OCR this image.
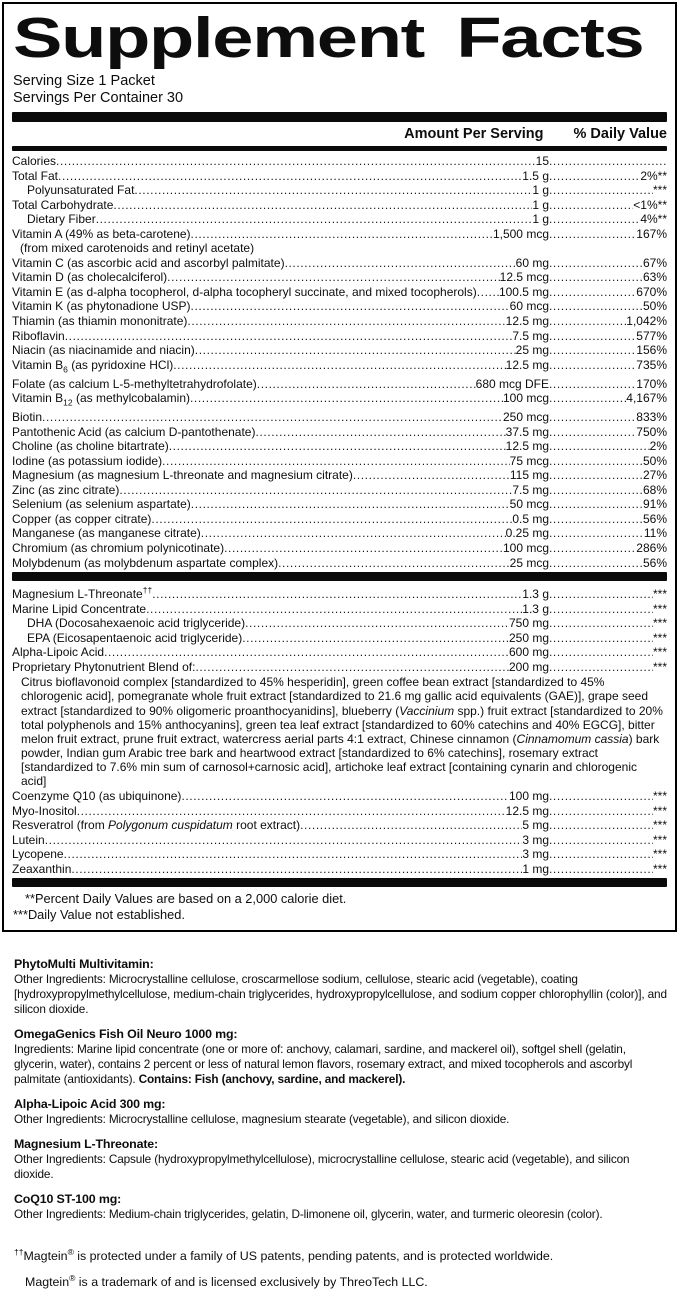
Supplement Facts
Serving Size 1 Packet
Servings Per Container 30
Amount Per Serving % Daily Value
Calories .....	15
.....
Total Fat .....	1.5 g .....	2%**
Polyunsaturated Fat .....	1 g .....	***
Total Carbohydrate .....	1 g .....	<1%**
Dietary Fiber .....	1 g .....	4%**
Vitamin A (49% as beta-carotene) .....	1,500 mcg .....	167%
(from mixed carotenoids and retinyl acetate)
Vitamin C (as ascorbic acid and ascorbyl palmitate) .....	60 mg .....	67%
Vitamin D (as cholecalciferol) .....	12.5 mcg .....	63%
Vitamin E (as d-alpha tocopherol, d-alpha tocopheryl succinate, and mixed tocopherols) ..... 100.5 mg .....	670%
Vitamin K (as phytonadione USP) .....	60 mcg .....	50%
Thiamin (as thiamin mononitrate) .....	12.5 mg .....	1,042%
Riboflavin .....	7.5 mg .....	577%
Niacin (as niacinamide and niacin) .....	25 mg .....	156%
Vitamin $B_6$ (as pyridoxine HCl) .....	12.5 mg .....	735%
Folate (as calcium L-5-methyltetrahydrofolate) .....	680 mcg DFE .....	170%
Vitamin $B_{12}$ (as methylcobalamin) .....	100 mcg .....	4,167%
Biotin .....	250 mcg .....	833%
Pantothenic Acid (as calcium D-pantothenate) .....	37.5 mg .....	750%
Choline (as choline bitartrate) .....	12.5 mg .....	2%
Iodine (as potassium iodide) .....	75 mcg .....	50%
Magnesium (as magnesium L-threonate and magnesium citrate) .....	115 mg .....	27%
Zinc (as zinc citrate) .....	7.5 mg .....	68%
Selenium (as selenium aspartate) .....	50 mcg .....	91%
Copper (as copper citrate) .....	0.5 mg .....	56%
Manganese (as manganese citrate) .....	0.25 mg .....	11%
Chromium (as chromium polynicotinate) .....	100 mcg .....	286%
Molybdenum (as molybdenum aspartate complex) .....	25 mcg .....	56%
Magnesium L-Threonate†† .....	1.3 g .....	***
Marine Lipid Concentrate .....	1.3 g .....	***
DHA (Docosahexaenoic acid triglyceride) .....	750 mg .....	***
EPA (Eicosapentaenoic acid triglyceride) .....	250 mg .....	***
Alpha-Lipoic Acid .....	600 mg .....	***
Proprietary Phytonutrient Blend of: .....	200 mg .....	***
Citrus bioflavonoid complex [standardized to 45% hesperidin], green coffee bean extract [standardized to 45% chlorogenic acid], pomegranate whole fruit extract [standardized to 21.6 mg gallic acid equivalents (GAE)], grape seed extract [standardized to 90% oligomeric proanthocyanidins], blueberry (Vaccinium spp.) fruit extract [standardized to 20% total polyphenols and 15% anthocyanins], green tea leaf extract [standardized to 60% catechins and 40% EGCG], bitter melon fruit extract, prune fruit extract, watercress aerial parts 4:1 extract, Chinese cinnamon (Cinnamomum cassia) bark powder, Indian gum Arabic tree bark and heartwood extract [standardized to 6% catechins], rosemary extract [standardized to 7.6% min sum of carnosol+carnosic acid], artichoke leaf extract [containing cynarin and chlorogenic acid]
Coenzyme Q10 (as ubiquinone) .....	100 mg .....	***
Myo-Inositol .....	12.5 mg .....	***
Resveratrol (from Polygonum cuspidatum root extract) .....	5 mg .....	***
Lutein .....	3 mg .....	***
Lycopene .....	3 mg .....	***
Zeaxanthin .....	1 mg .....	***
**Percent Daily Values are based on a 2,000 calorie diet.
***Daily Value not established.
PhytoMulti Multivitamin:
Other Ingredients: Microcrystalline cellulose, croscarmellose sodium, cellulose, stearic acid (vegetable), coating [hydroxypropylmethylcellulose, medium-chain triglycerides, hydroxypropylcellulose, and sodium copper chlorophyllin (color)], and silicon dioxide.
OmegaGenics Fish Oil Neuro 1000 mg:
Ingredients: Marine lipid concentrate (one or more of: anchovy, calamari, sardine, and mackerel oil), softgel shell (gelatin, glycerin, water), contains 2 percent or less of natural lemon flavors, rosemary extract, and mixed tocopherols and ascorbyl palmitate (antioxidants). Contains: Fish (anchovy, sardine, and mackerel).
Alpha-Lipoic Acid 300 mg:
Other Ingredients: Microcrystalline cellulose, magnesium stearate (vegetable), and silicon dioxide.
Magnesium L-Threonate:
Other Ingredients: Capsule (hydroxypropylmethylcellulose), microcrystalline cellulose, stearic acid (vegetable), and silicon dioxide.
CoQ10 ST-100 mg:
Other Ingredients: Medium-chain triglycerides, gelatin, D-limonene oil, glycerin, water, and turmeric oleoresin (color).
††Magtein® is protected under a family of US patents, pending patents, and is protected worldwide.
Magtein® is a trademark of and is licensed exclusively by ThreoTech LLC.
